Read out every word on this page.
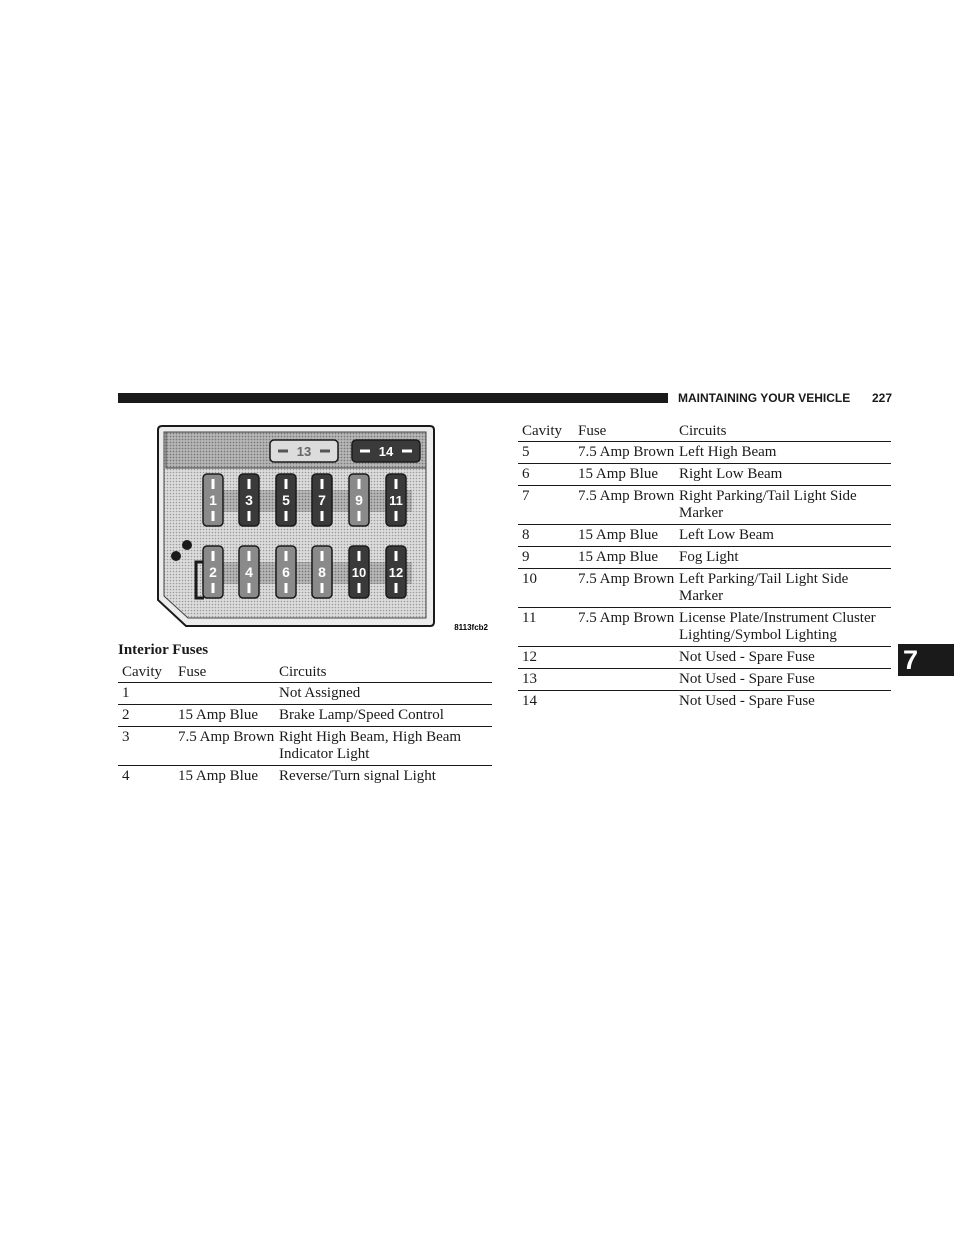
MAINTAINING YOUR VEHICLE 227
7
1
2
3
4
5
6
7
8
9
10
11
12
13	14
8113fcb2
Interior Fuses
Cavity	Fuse	Circuits
1		Not Assigned
2	15 Amp Blue	Brake Lamp/Speed Control
3	7.5 Amp Brown	Right High Beam, High Beam Indicator Light
4	15 Amp Blue	Reverse/Turn signal Light
Cavity	Fuse	Circuits
5	7.5 Amp Brown	Left High Beam
6	15 Amp Blue	Right Low Beam
7	7.5 Amp Brown	Right Parking/Tail Light Side Marker
8	15 Amp Blue	Left Low Beam
9	15 Amp Blue	Fog Light
10	7.5 Amp Brown	Left Parking/Tail Light Side Marker
11	7.5 Amp Brown	License Plate/Instrument Cluster Lighting/Symbol Lighting
12		Not Used - Spare Fuse
13		Not Used - Spare Fuse
14		Not Used - Spare Fuse
